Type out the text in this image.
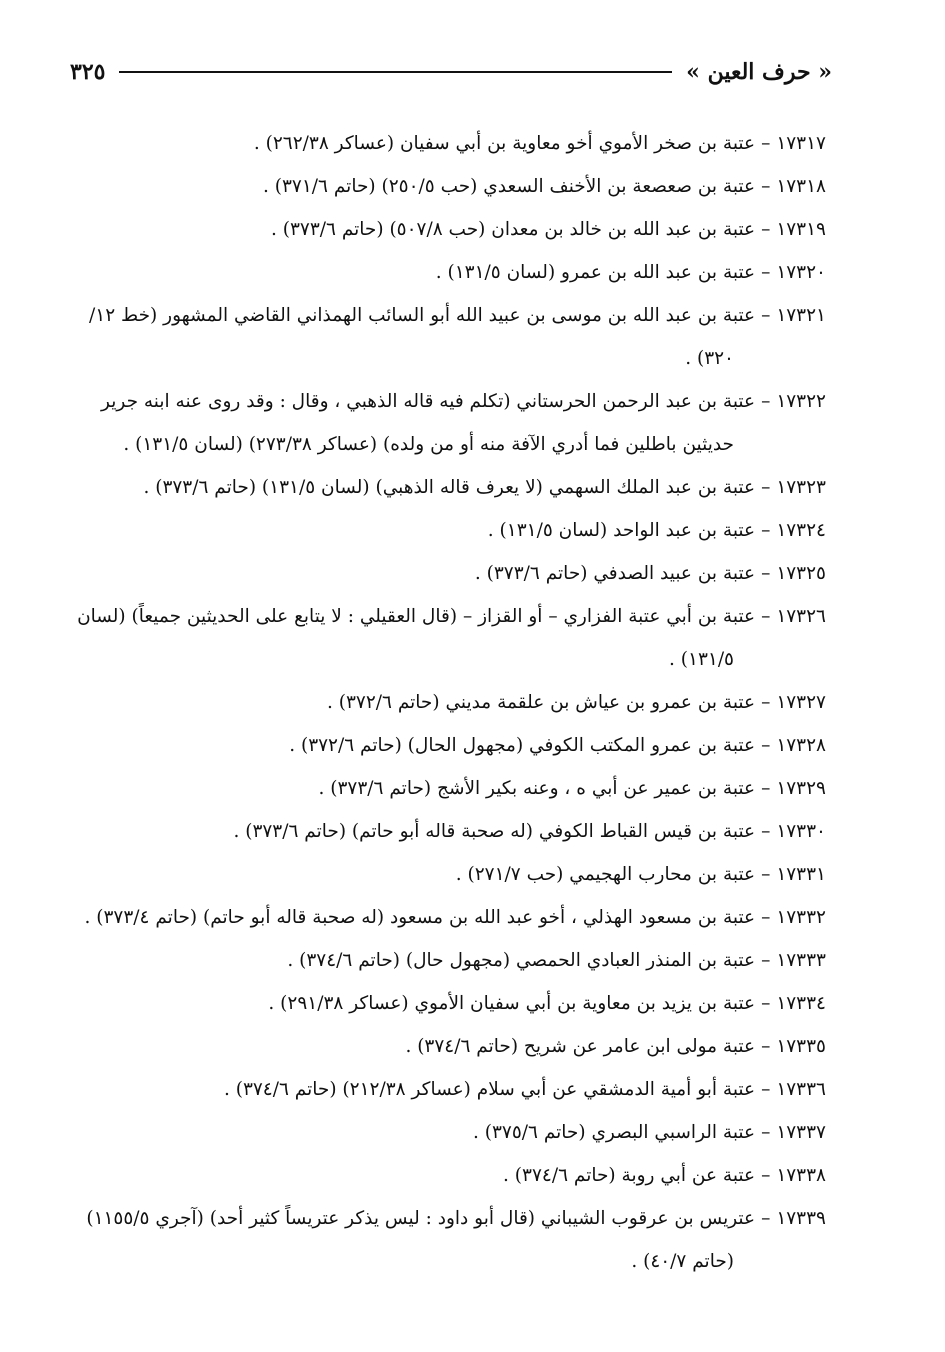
« حرف العين »
٣٢٥
١٧٣١٧–عتبة بن صخر الأموي أخو معاوية بن أبي سفيان (عساكر ٢٦٢/٣٨) .
١٧٣١٨–عتبة بن صعصعة بن الأخنف السعدي (حب ٢٥٠/٥) (حاتم ٣٧١/٦) .
١٧٣١٩–عتبة بن عبد الله بن خالد بن معدان (حب ٥٠٧/٨) (حاتم ٣٧٣/٦) .
١٧٣٢٠–عتبة بن عبد الله بن عمرو (لسان ١٣١/٥) .
١٧٣٢١–عتبة بن عبد الله بن موسى بن عبيد الله أبو السائب الهمذاني القاضي المشهور (خط ١٢/
٣٢٠) .
١٧٣٢٢–عتبة بن عبد الرحمن الحرستاني (تكلم فيه قاله الذهبي ، وقال : وقد روى عنه ابنه جرير
حديثين باطلين فما أدري الآفة منه أو من ولده) (عساكر ٢٧٣/٣٨) (لسان ١٣١/٥) .
١٧٣٢٣–عتبة بن عبد الملك السهمي (لا يعرف قاله الذهبي) (لسان ١٣١/٥) (حاتم ٣٧٣/٦) .
١٧٣٢٤–عتبة بن عبد الواحد (لسان ١٣١/٥) .
١٧٣٢٥–عتبة بن عبيد الصدفي (حاتم ٣٧٣/٦) .
١٧٣٢٦–عتبة بن أبي عتبة الفزاري – أو القزاز – (قال العقيلي : لا يتابع على الحديثين جميعاً) (لسان
١٣١/٥) .
١٧٣٢٧–عتبة بن عمرو بن عياش بن علقمة مديني (حاتم ٣٧٢/٦) .
١٧٣٢٨–عتبة بن عمرو المكتب الكوفي (مجهول الحال) (حاتم ٣٧٢/٦) .
١٧٣٢٩–عتبة بن عمير عن أبي ه ، وعنه بكير الأشج (حاتم ٣٧٣/٦) .
١٧٣٣٠–عتبة بن قيس القباط الكوفي (له صحبة قاله أبو حاتم) (حاتم ٣٧٣/٦) .
١٧٣٣١–عتبة بن محارب الهجيمي (حب ٢٧١/٧) .
١٧٣٣٢–عتبة بن مسعود الهذلي ، أخو عبد الله بن مسعود (له صحبة قاله أبو حاتم) (حاتم ٣٧٣/٤) .
١٧٣٣٣–عتبة بن المنذر العبادي الحمصي (مجهول حال) (حاتم ٣٧٤/٦) .
١٧٣٣٤–عتبة بن يزيد بن معاوية بن أبي سفيان الأموي (عساكر ٢٩١/٣٨) .
١٧٣٣٥–عتبة مولى ابن عامر عن شريح (حاتم ٣٧٤/٦) .
١٧٣٣٦–عتبة أبو أمية الدمشقي عن أبي سلام (عساكر ٢١٢/٣٨) (حاتم ٣٧٤/٦) .
١٧٣٣٧–عتبة الراسبي البصري (حاتم ٣٧٥/٦) .
١٧٣٣٨–عتبة عن أبي روبة (حاتم ٣٧٤/٦) .
١٧٣٣٩–عتريس بن عرقوب الشيباني (قال أبو داود : ليس يذكر عتريساً كثير أحد) (آجري ١١٥٥/٥)
(حاتم ٤٠/٧) .
